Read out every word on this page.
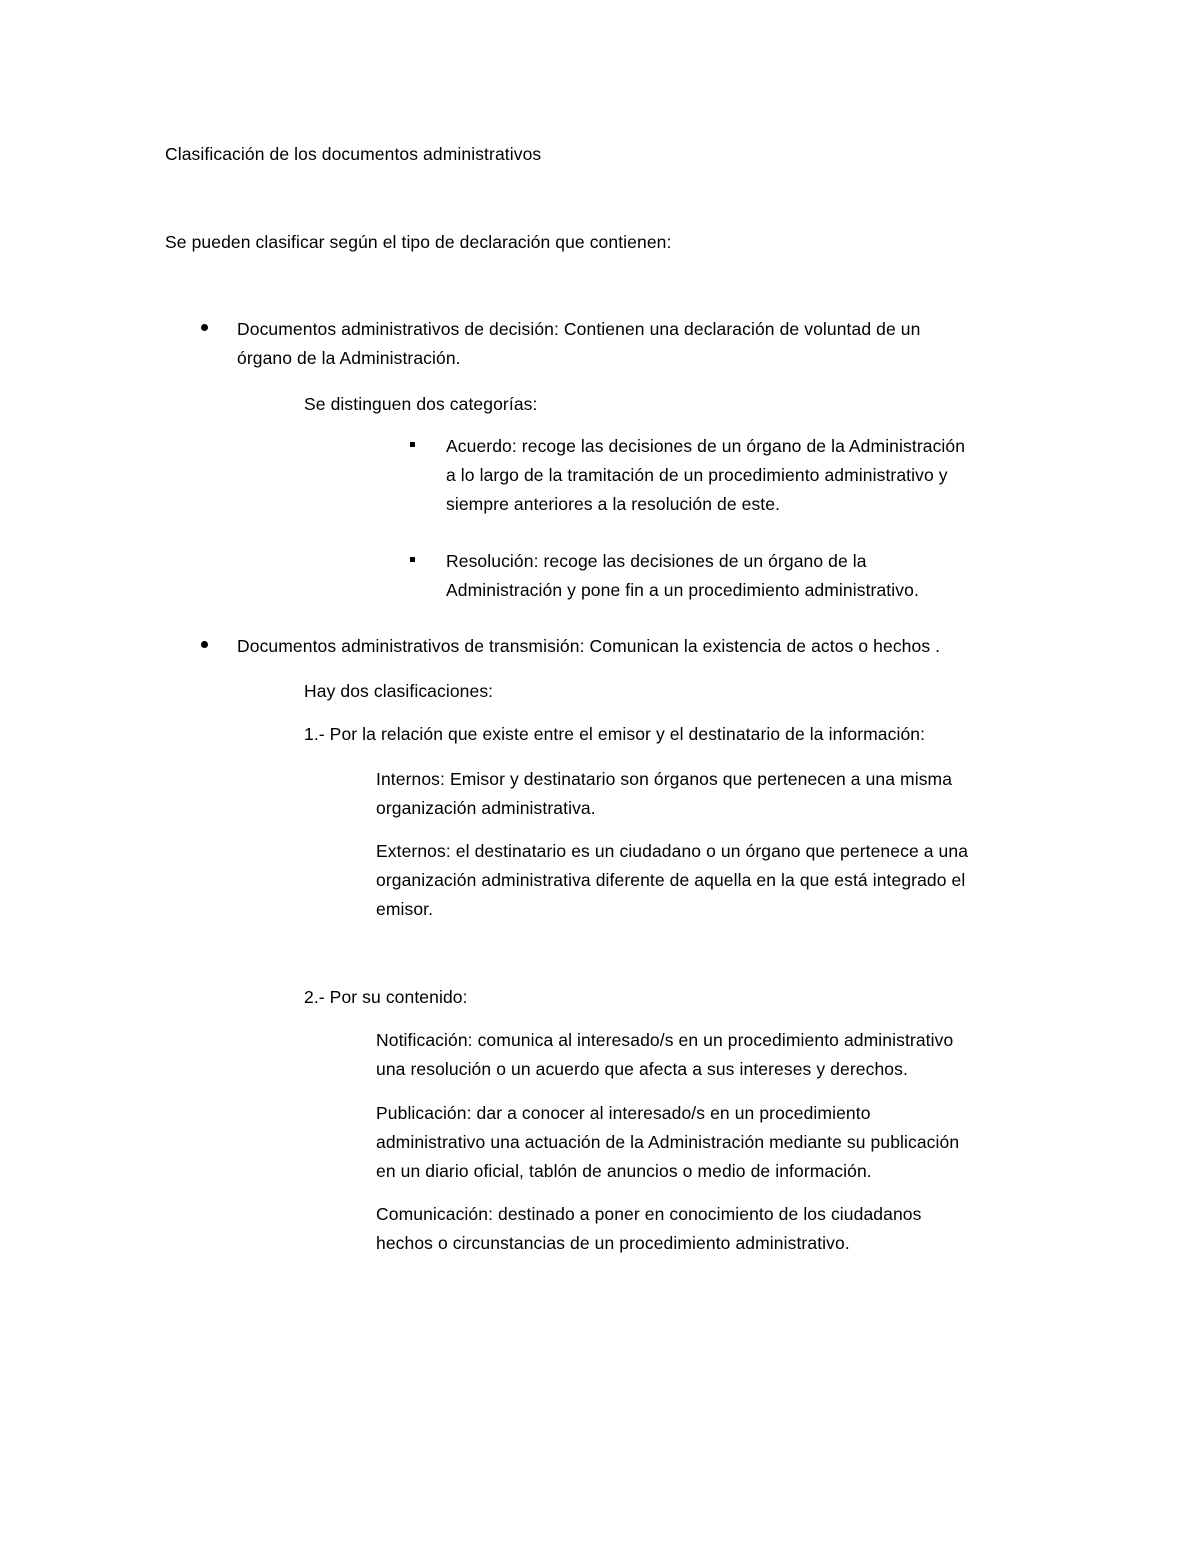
Clasificación de los documentos administrativos
Se pueden clasificar según el tipo de declaración que contienen:
Documentos administrativos de decisión: Contienen una declaración de voluntad de un
órgano de la Administración.
Se distinguen dos categorías:
Acuerdo: recoge las decisiones de un órgano de la Administración
a lo largo de la tramitación de un procedimiento administrativo y
siempre anteriores a la resolución de este.
Resolución: recoge las decisiones de un órgano de la
Administración y pone fin a un procedimiento administrativo.
Documentos administrativos de transmisión: Comunican la existencia de actos o hechos .
Hay dos clasificaciones:
1.- Por la relación que existe entre el emisor y el destinatario de la información:
Internos: Emisor y destinatario son órganos que pertenecen a una misma
organización administrativa.
Externos: el destinatario es un ciudadano o un órgano que pertenece a una
organización administrativa diferente de aquella en la que está integrado el
emisor.
2.- Por su contenido:
Notificación: comunica al interesado/s en un procedimiento administrativo
una resolución o un acuerdo que afecta a sus intereses y derechos.
Publicación: dar a conocer al interesado/s en un procedimiento
administrativo una actuación de la Administración mediante su publicación
en un diario oficial, tablón de anuncios o medio de información.
Comunicación: destinado a poner en conocimiento de los ciudadanos
hechos o circunstancias de un procedimiento administrativo.
